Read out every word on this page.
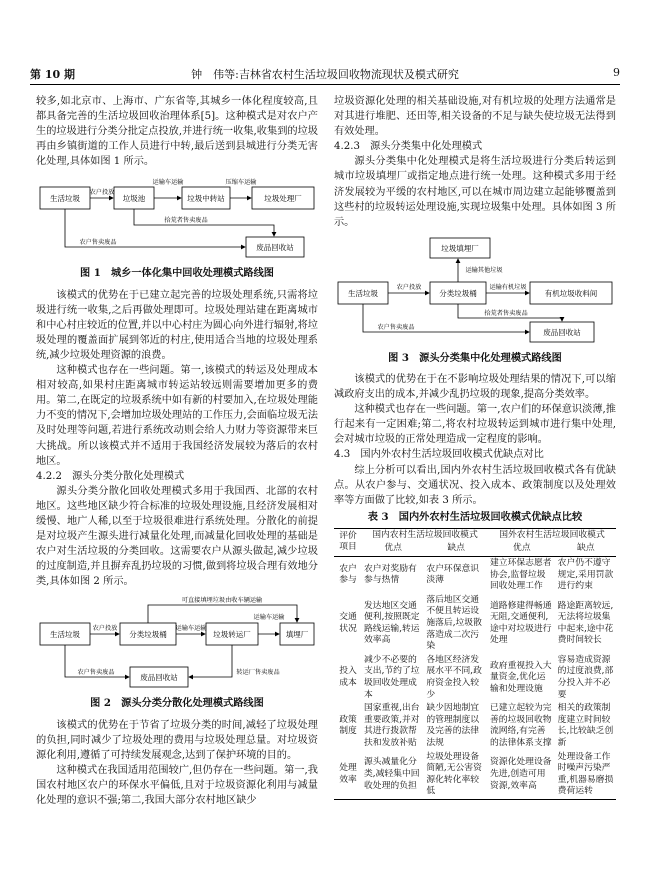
第 10 期	钟　伟等:吉林省农村生活垃圾回收物流现状及模式研究	9

较多,如北京市、上海市、广东省等,其城乡一体化程度较高,且都具备完善的生活垃圾回收治理体系[5]。这种模式是对农户产生的垃圾进行分类分批定点投放,并进行统一收集,收集到的垃圾再由乡镇街道的工作人员进行中转,最后送到县城进行分类无害化处理,具体如图 1 所示。

生活垃圾	垃圾池	垃圾中转站	垃圾处理厂
废品回收站
农户投放
运输车运输	压缩车运输
农户售卖废品
拾荒者售卖废品
图 1　城乡一体化集中回收处理模式路线图

该模式的优势在于已建立起完善的垃圾处理系统,只需将垃圾进行统一收集,之后再做处理即可。垃圾处理站建在距离城市和中心村庄较近的位置,并以中心村庄为圆心向外进行辐射,将垃圾处理的覆盖面扩展到邻近的村庄,使用适合当地的垃圾处理系统,减少垃圾处理资源的浪费。

这种模式也存在一些问题。第一,该模式的转运及处理成本相对较高,如果村庄距离城市转运站较远则需要增加更多的费用。第二,在既定的垃圾系统中如有新的村要加入,在垃圾处理能力不变的情况下,会增加垃圾处理站的工作压力,会面临垃圾无法及时处理等问题,若进行系统改动则会给人力财力等资源带来巨大挑战。所以该模式并不适用于我国经济发展较为落后的农村地区。

4.2.2　源头分类分散化处理模式

源头分类分散化回收处理模式多用于我国西、北部的农村地区。这些地区缺少符合标准的垃圾处理设施,且经济发展相对缓慢、地广人稀,以至于垃圾很难进行系统处理。分散化的前提是对垃圾产生源头进行减量化处理,而减量化回收处理的基础是农户对生活垃圾的分类回收。这需要农户从源头做起,减少垃圾的过度制造,并且摒弃乱扔垃圾的习惯,做到将垃圾合理有效地分类,具体如图 2 所示。

生活垃圾	分类垃圾桶	垃圾转运厂	填埋厂
废品回收站
可直接填埋垃圾由收车辆运输
农户投放	运输车运输
运输车运输
农户售卖废品	转运厂售卖废品
图 2　源头分类分散化处理模式路线图

该模式的优势在于节省了垃圾分类的时间,减轻了垃圾处理的负担,同时减少了垃圾处理的费用与垃圾处理总量。对垃圾资源化利用,遵循了可持续发展观念,达到了保护环境的目的。

这种模式在我国适用范围较广,但仍存在一些问题。第一,我国农村地区农户的环保水平偏低,且对于垃圾资源化利用与减量化处理的意识不强;第二,我国大部分农村地区缺少

垃圾资源化处理的相关基础设施,对有机垃圾的处理方法通常是对其进行堆肥、还田等,相关设备的不足与缺失使垃圾无法得到有效处理。

4.2.3　源头分类集中化处理模式

源头分类集中化处理模式是将生活垃圾进行分类后转运到城市垃圾填埋厂或指定地点进行统一处理。这种模式多用于经济发展较为平缓的农村地区,可以在城市周边建立起能够覆盖到这些村的垃圾转运处理设施,实现垃圾集中处理。具体如图 3 所示。

垃圾填埋厂
生活垃圾	分类垃圾桶	有机垃圾收料间
废品回收站
农户投放
运输其他垃圾
运输有机垃圾
农户售卖废品
拾荒者售卖废品
图 3　源头分类集中化处理模式路线图

该模式的优势在于在不影响垃圾处理结果的情况下,可以缩减政府支出的成本,并减少乱扔垃圾的现象,提高分类效率。

这种模式也存在一些问题。第一,农户们的环保意识淡薄,推行起来有一定困难;第二,将农村垃圾转运到城市进行集中处理,会对城市垃圾的正常处理造成一定程度的影响。

4.3　国内外农村生活垃圾回收模式优缺点对比

综上分析可以看出,国内外农村生活垃圾回收模式各有优缺点。从农户参与、交通状况、投入成本、政策制度以及处理效率等方面做了比较,如表 3 所示。

表 3　国内外农村生活垃圾回收模式优缺点比较
评价项目	国内农村生活垃圾回收模式		国外农村生活垃圾回收模式	
	优点	缺点	优点	缺点
农户参与	农户对奖励有参与热情	农户环保意识淡薄	建立环保志愿者协会,监督垃圾回收处理工作	农户仍不遵守规定,采用罚款进行约束
交通状况	发达地区交通便利,按照既定路线运输,转运效率高	落后地区交通不便且转运设施落后,垃圾散落造成二次污染	道路修建得畅通无阻,交通便利,途中对垃圾进行处理	路途距离较远,无法将垃圾集中起来,途中花费时间较长
投入成本	减少不必要的支出,节约了垃圾回收处理成本	各地区经济发展水平不同,政府资金投入较少	政府重视投入大量资金,优化运输和处理设施	容易造成资源的过度浪费,部分投入并不必要
政策制度	国家重视,出台重要政策,并对其进行拨款帮扶和发放补贴	缺少因地制宜的管理制度以及完善的法律法规	已建立起较为完善的垃圾回收物流网络,有完善的法律体系支撑	相关的政策制度建立时间较长,比较缺乏创新
处理效率	源头减量化分类,减轻集中回收处理的负担	垃圾处理设备简陋,无公害资源化转化率较低	资源化处理设备先进,创造可用资源,效率高	处理设备工作时噪声污染严重,机器易磨损费荷运转
